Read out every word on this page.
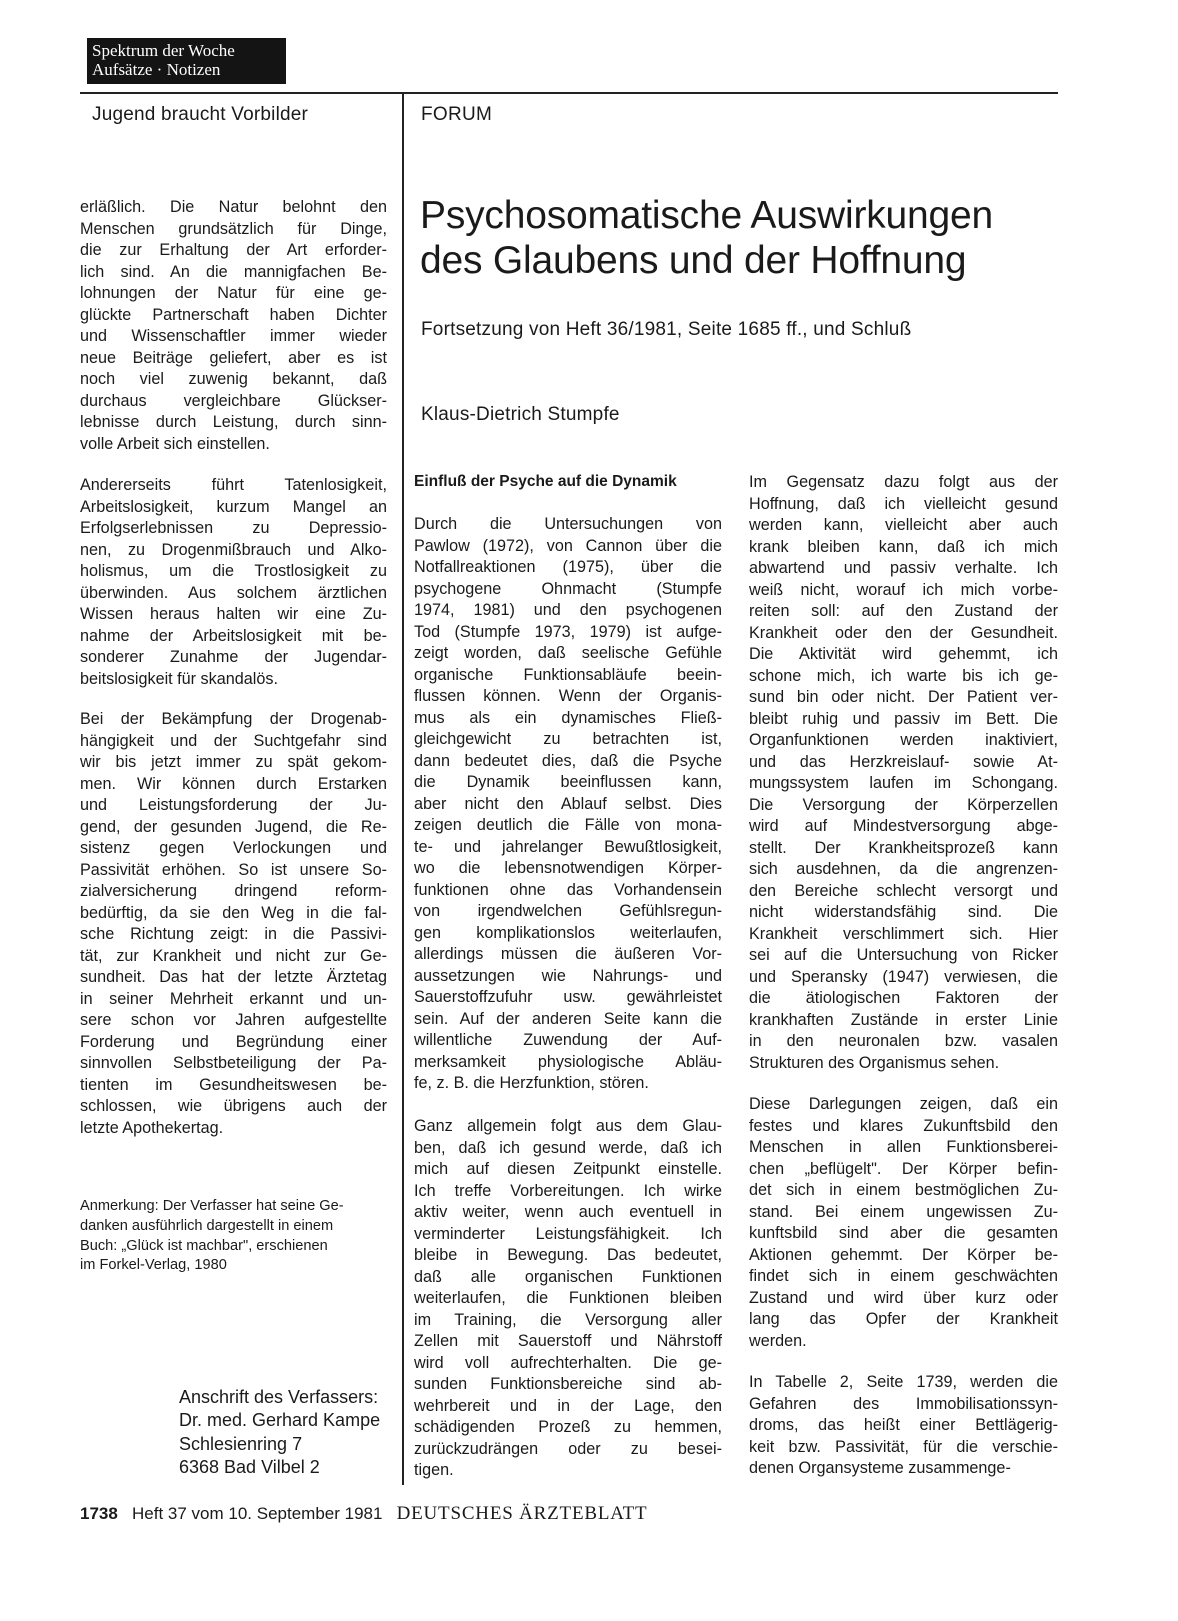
Spektrum der Woche
Aufsätze · Notizen
Jugend braucht Vorbilder	FORUM
Psychosomatische Auswirkungen
des Glaubens und der Hoffnung
Fortsetzung von Heft 36/1981, Seite 1685 ff., und Schluß
Klaus-Dietrich Stumpfe

erläßlich. Die Natur belohnt den
Menschen grundsätzlich für Dinge,
die zur Erhaltung der Art erforder-
lich sind. An die mannigfachen Be-
lohnungen der Natur für eine ge-
glückte Partnerschaft haben Dichter
und Wissenschaftler immer wieder
neue Beiträge geliefert, aber es ist
noch viel zuwenig bekannt, daß
durchaus vergleichbare Glückser-
lebnisse durch Leistung, durch sinn-
volle Arbeit sich einstellen.

Andererseits führt Tatenlosigkeit,
Arbeitslosigkeit, kurzum Mangel an
Erfolgserlebnissen zu Depressio-
nen, zu Drogenmißbrauch und Alko-
holismus, um die Trostlosigkeit zu
überwinden. Aus solchem ärztlichen
Wissen heraus halten wir eine Zu-
nahme der Arbeitslosigkeit mit be-
sonderer Zunahme der Jugendar-
beitslosigkeit für skandalös.

Bei der Bekämpfung der Drogenab-
hängigkeit und der Suchtgefahr sind
wir bis jetzt immer zu spät gekom-
men. Wir können durch Erstarken
und Leistungsforderung der Ju-
gend, der gesunden Jugend, die Re-
sistenz gegen Verlockungen und
Passivität erhöhen. So ist unsere So-
zialversicherung dringend reform-
bedürftig, da sie den Weg in die fal-
sche Richtung zeigt: in die Passivi-
tät, zur Krankheit und nicht zur Ge-
sundheit. Das hat der letzte Ärztetag
in seiner Mehrheit erkannt und un-
sere schon vor Jahren aufgestellte
Forderung und Begründung einer
sinnvollen Selbstbeteiligung der Pa-
tienten im Gesundheitswesen be-
schlossen, wie übrigens auch der
letzte Apothekertag.

Anmerkung: Der Verfasser hat seine Ge-
danken ausführlich dargestellt in einem
Buch: „Glück ist machbar", erschienen
im Forkel-Verlag, 1980
Anschrift des Verfassers:
Dr. med. Gerhard Kampe
Schlesienring 7
6368 Bad Vilbel 2
Einfluß der Psyche auf die Dynamik

Durch die Untersuchungen von
Pawlow (1972), von Cannon über die
Notfallreaktionen (1975), über die
psychogene Ohnmacht (Stumpfe
1974, 1981) und den psychogenen
Tod (Stumpfe 1973, 1979) ist aufge-
zeigt worden, daß seelische Gefühle
organische Funktionsabläufe beein-
flussen können. Wenn der Organis-
mus als ein dynamisches Fließ-
gleichgewicht zu betrachten ist,
dann bedeutet dies, daß die Psyche
die Dynamik beeinflussen kann,
aber nicht den Ablauf selbst. Dies
zeigen deutlich die Fälle von mona-
te- und jahrelanger Bewußtlosigkeit,
wo die lebensnotwendigen Körper-
funktionen ohne das Vorhandensein
von irgendwelchen Gefühlsregun-
gen komplikationslos weiterlaufen,
allerdings müssen die äußeren Vor-
aussetzungen wie Nahrungs- und
Sauerstoffzufuhr usw. gewährleistet
sein. Auf der anderen Seite kann die
willentliche Zuwendung der Auf-
merksamkeit physiologische Abläu-
fe, z. B. die Herzfunktion, stören.

Ganz allgemein folgt aus dem Glau-
ben, daß ich gesund werde, daß ich
mich auf diesen Zeitpunkt einstelle.
Ich treffe Vorbereitungen. Ich wirke
aktiv weiter, wenn auch eventuell in
verminderter Leistungsfähigkeit. Ich
bleibe in Bewegung. Das bedeutet,
daß alle organischen Funktionen
weiterlaufen, die Funktionen bleiben
im Training, die Versorgung aller
Zellen mit Sauerstoff und Nährstoff
wird voll aufrechterhalten. Die ge-
sunden Funktionsbereiche sind ab-
wehrbereit und in der Lage, den
schädigenden Prozeß zu hemmen,
zurückzudrängen oder zu besei-
tigen.

Im Gegensatz dazu folgt aus der
Hoffnung, daß ich vielleicht gesund
werden kann, vielleicht aber auch
krank bleiben kann, daß ich mich
abwartend und passiv verhalte. Ich
weiß nicht, worauf ich mich vorbe-
reiten soll: auf den Zustand der
Krankheit oder den der Gesundheit.
Die Aktivität wird gehemmt, ich
schone mich, ich warte bis ich ge-
sund bin oder nicht. Der Patient ver-
bleibt ruhig und passiv im Bett. Die
Organfunktionen werden inaktiviert,
und das Herzkreislauf- sowie At-
mungssystem laufen im Schongang.
Die Versorgung der Körperzellen
wird auf Mindestversorgung abge-
stellt. Der Krankheitsprozeß kann
sich ausdehnen, da die angrenzen-
den Bereiche schlecht versorgt und
nicht widerstandsfähig sind. Die
Krankheit verschlimmert sich. Hier
sei auf die Untersuchung von Ricker
und Speransky (1947) verwiesen, die
die ätiologischen Faktoren der
krankhaften Zustände in erster Linie
in den neuronalen bzw. vasalen
Strukturen des Organismus sehen.

Diese Darlegungen zeigen, daß ein
festes und klares Zukunftsbild den
Menschen in allen Funktionsberei-
chen „beflügelt". Der Körper befin-
det sich in einem bestmöglichen Zu-
stand. Bei einem ungewissen Zu-
kunftsbild sind aber die gesamten
Aktionen gehemmt. Der Körper be-
findet sich in einem geschwächten
Zustand und wird über kurz oder
lang das Opfer der Krankheit
werden.

In Tabelle 2, Seite 1739, werden die
Gefahren des Immobilisationssyn-
droms, das heißt einer Bettlägerig-
keit bzw. Passivität, für die verschie-
denen Organsysteme zusammenge-

1738 Heft 37 vom 10. September 1981 DEUTSCHES ÄRZTEBLATT
